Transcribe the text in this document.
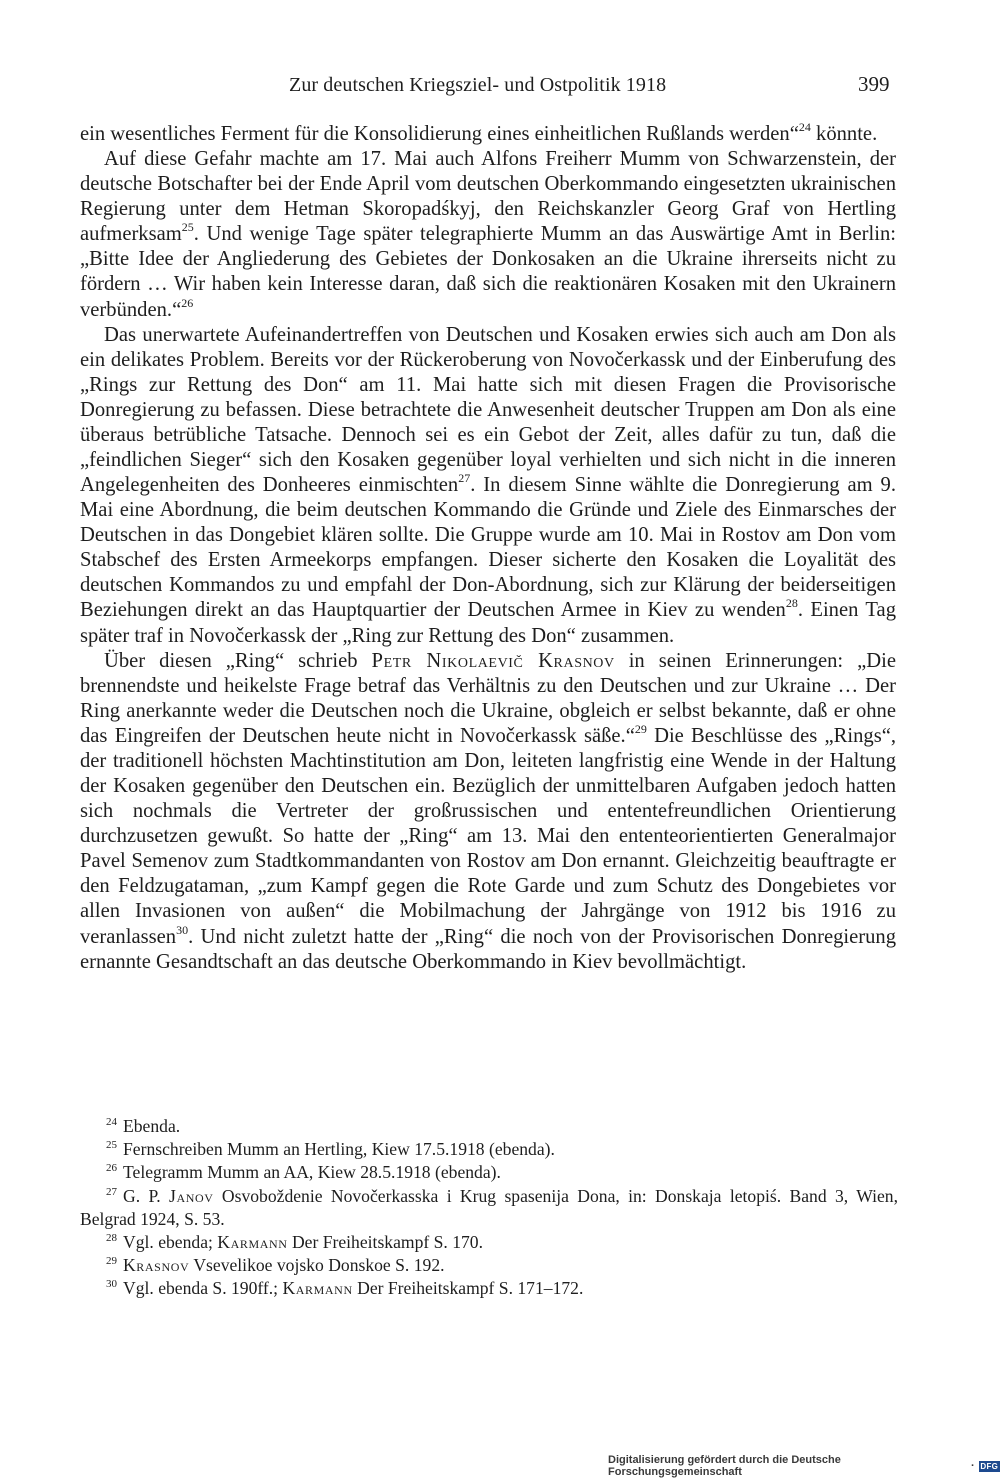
Zur deutschen Kriegsziel- und Ostpolitik 1918	399

ein wesentliches Ferment für die Konsolidierung eines einheitlichen Rußlands werden“$^{24}$ könnte.

Auf diese Gefahr machte am 17. Mai auch Alfons Freiherr Mumm von Schwarzenstein, der deutsche Botschafter bei der Ende April vom deutschen Oberkommando eingesetzten ukrainischen Regierung unter dem Hetman Skoropadśkyj, den Reichskanzler Georg Graf von Hertling aufmerksam$^{25}$. Und wenige Tage später telegraphierte Mumm an das Auswärtige Amt in Berlin: „Bitte Idee der Angliederung des Gebietes der Donkosaken an die Ukraine ihrerseits nicht zu fördern … Wir haben kein Interesse daran, daß sich die reaktionären Kosaken mit den Ukrainern verbünden.“$^{26}$

Das unerwartete Aufeinandertreffen von Deutschen und Kosaken erwies sich auch am Don als ein delikates Problem. Bereits vor der Rückeroberung von Novočerkassk und der Einberufung des „Rings zur Rettung des Don“ am 11. Mai hatte sich mit diesen Fragen die Provisorische Donregierung zu befassen. Diese betrachtete die Anwesenheit deutscher Truppen am Don als eine überaus betrübliche Tatsache. Dennoch sei es ein Gebot der Zeit, alles dafür zu tun, daß die „feindlichen Sieger“ sich den Kosaken gegenüber loyal verhielten und sich nicht in die inneren Angelegenheiten des Donheeres einmischten$^{27}$. In diesem Sinne wählte die Donregierung am 9. Mai eine Abordnung, die beim deutschen Kommando die Gründe und Ziele des Einmarsches der Deutschen in das Dongebiet klären sollte. Die Gruppe wurde am 10. Mai in Rostov am Don vom Stabschef des Ersten Armeekorps empfangen. Dieser sicherte den Kosaken die Loyalität des deutschen Kommandos zu und empfahl der Don-Abordnung, sich zur Klärung der beiderseitigen Beziehungen direkt an das Hauptquartier der Deutschen Armee in Kiev zu wenden$^{28}$. Einen Tag später traf in Novočerkassk der „Ring zur Rettung des Don“ zusammen.

Über diesen „Ring“ schrieb Petr Nikolaevič Krasnov in seinen Erinnerungen: „Die brennendste und heikelste Frage betraf das Verhältnis zu den Deutschen und zur Ukraine … Der Ring anerkannte weder die Deutschen noch die Ukraine, obgleich er selbst bekannte, daß er ohne das Eingreifen der Deutschen heute nicht in Novočerkassk säße.“$^{29}$ Die Beschlüsse des „Rings“, der traditionell höchsten Machtinstitution am Don, leiteten langfristig eine Wende in der Haltung der Kosaken gegenüber den Deutschen ein. Bezüglich der unmittelbaren Aufgaben jedoch hatten sich nochmals die Vertreter der großrussischen und ententefreundlichen Orientierung durchzusetzen gewußt. So hatte der „Ring“ am 13. Mai den ententeorientierten Generalmajor Pavel Semenov zum Stadtkommandanten von Rostov am Don ernannt. Gleichzeitig beauftragte er den Feldzugataman, „zum Kampf gegen die Rote Garde und zum Schutz des Dongebietes vor allen Invasionen von außen“ die Mobilmachung der Jahrgänge von 1912 bis 1916 zu veranlassen$^{30}$. Und nicht zuletzt hatte der „Ring“ die noch von der Provisorischen Donregierung ernannte Gesandtschaft an das deutsche Oberkommando in Kiev bevollmächtigt.

$^{24}$ Ebenda.

$^{25}$ Fernschreiben Mumm an Hertling, Kiew 17.5.1918 (ebenda).

$^{26}$ Telegramm Mumm an AA, Kiew 28.5.1918 (ebenda).

$^{27}$ G. P. Janov Osvoboždenie Novočerkasska i Krug spasenija Dona, in: Donskaja letopiś. Band 3, Wien, Belgrad 1924, S. 53.

$^{28}$ Vgl. ebenda; Karmann Der Freiheitskampf S. 170.

$^{29}$ Krasnov Vsevelikoe vojsko Donskoe S. 192.

$^{30}$ Vgl. ebenda S. 190ff.; Karmann Der Freiheitskampf S. 171–172.

Digitalisierung gefördert durch die Deutsche Forschungsgemeinschaft	· DFG
